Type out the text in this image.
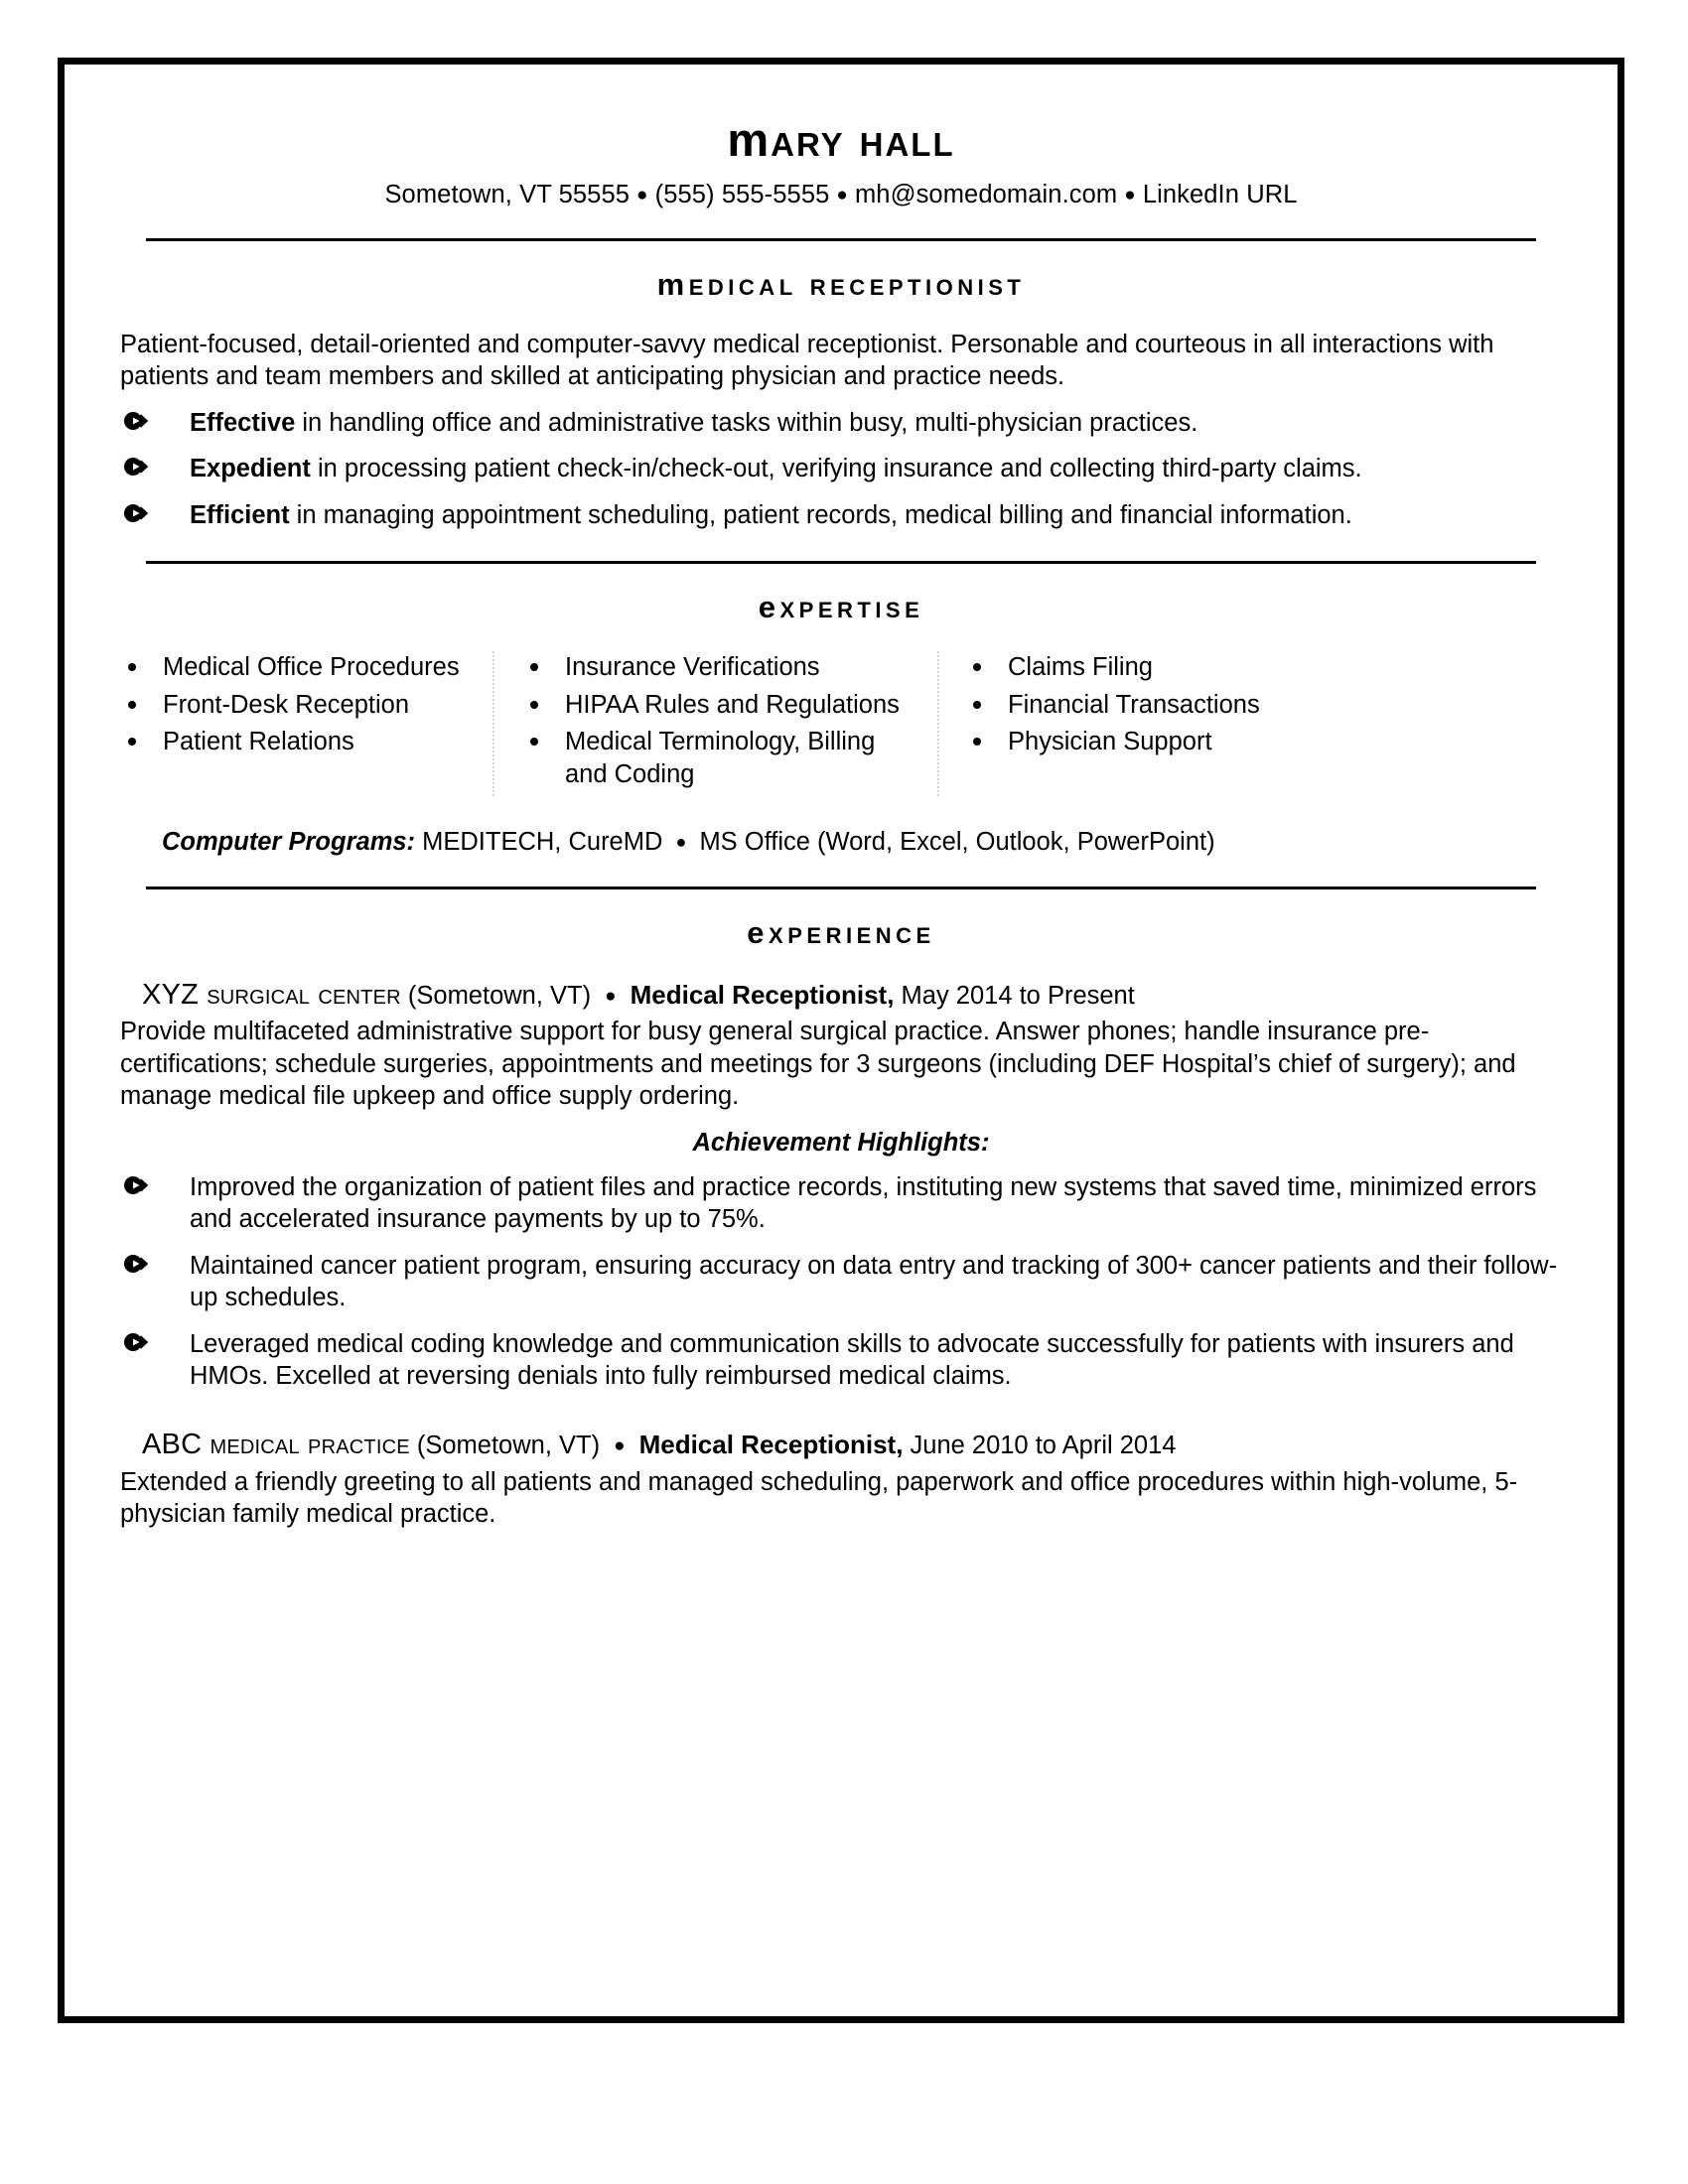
mary hall
Sometown, VT 55555 ● (555) 555-5555 ● mh@somedomain.com ● LinkedIn URL
medical receptionist
Patient-focused, detail-oriented and computer-savvy medical receptionist. Personable and courteous in all interactions with patients and team members and skilled at anticipating physician and practice needs.
Effective in handling office and administrative tasks within busy, multi-physician practices.
Expedient in processing patient check-in/check-out, verifying insurance and collecting third-party claims.
Efficient in managing appointment scheduling, patient records, medical billing and financial information.
expertise
Medical Office Procedures
Front-Desk Reception
Patient Relations
Insurance Verifications
HIPAA Rules and Regulations
Medical Terminology, Billing and Coding
Claims Filing
Financial Transactions
Physician Support
Computer Programs: MEDITECH, CureMD ● MS Office (Word, Excel, Outlook, PowerPoint)
experience
XYZ surgical center (Sometown, VT) ● Medical Receptionist, May 2014 to Present
Provide multifaceted administrative support for busy general surgical practice. Answer phones; handle insurance pre-certifications; schedule surgeries, appointments and meetings for 3 surgeons (including DEF Hospital’s chief of surgery); and manage medical file upkeep and office supply ordering.
Achievement Highlights:
Improved the organization of patient files and practice records, instituting new systems that saved time, minimized errors and accelerated insurance payments by up to 75%.
Maintained cancer patient program, ensuring accuracy on data entry and tracking of 300+ cancer patients and their follow-up schedules.
Leveraged medical coding knowledge and communication skills to advocate successfully for patients with insurers and HMOs. Excelled at reversing denials into fully reimbursed medical claims.
ABC medical practice (Sometown, VT) ● Medical Receptionist, June 2010 to April 2014
Extended a friendly greeting to all patients and managed scheduling, paperwork and office procedures within high-volume, 5-physician family medical practice.
